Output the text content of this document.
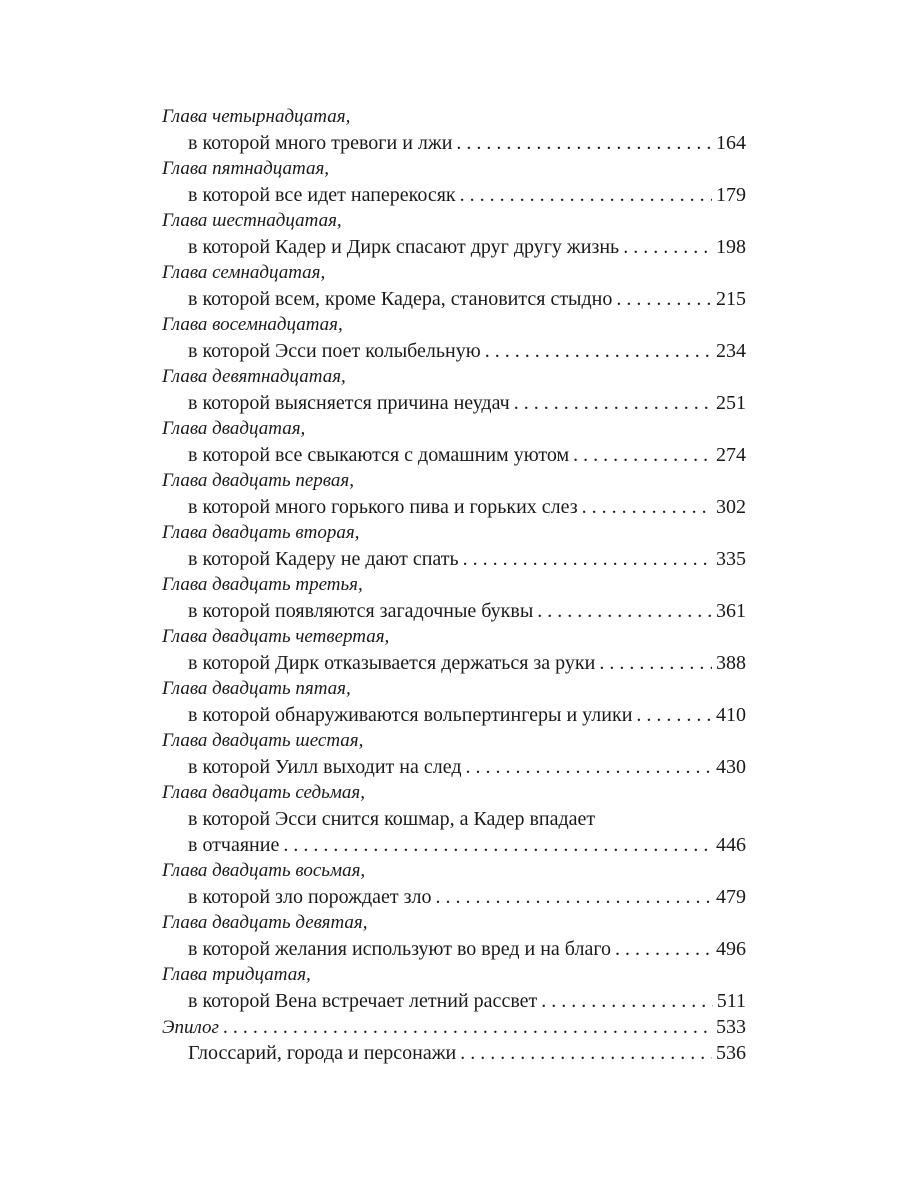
Глава четырнадцатая,
в которой много тревоги и лжи . . .	164
Глава пятнадцатая,
в которой все идет наперекосяк . . .	179
Глава шестнадцатая,
в которой Кадер и Дирк спасают друг другу жизнь . . .	198
Глава семнадцатая,
в которой всем, кроме Кадера, становится стыдно . . .	215
Глава восемнадцатая,
в которой Эсси поет колыбельную . . .	234
Глава девятнадцатая,
в которой выясняется причина неудач . . .	251
Глава двадцатая,
в которой все свыкаются с домашним уютом . . .	274
Глава двадцать первая,
в которой много горького пива и горьких слез . . .	302
Глава двадцать вторая,
в которой Кадеру не дают спать . . .	335
Глава двадцать третья,
в которой появляются загадочные буквы . . .	361
Глава двадцать четвертая,
в которой Дирк отказывается держаться за руки . . .	388
Глава двадцать пятая,
в которой обнаруживаются вольпертингеры и улики . . .	410
Глава двадцать шестая,
в которой Уилл выходит на след . . .	430
Глава двадцать седьмая,
в которой Эсси снится кошмар, а Кадер впадает
в отчаяние . . .	446
Глава двадцать восьмая,
в которой зло порождает зло . . .	479
Глава двадцать девятая,
в которой желания используют во вред и на благо . . .	496
Глава тридцатая,
в которой Вена встречает летний рассвет . . .	511
Эпилог . . .	533
Глоссарий, города и персонажи . . .	536
